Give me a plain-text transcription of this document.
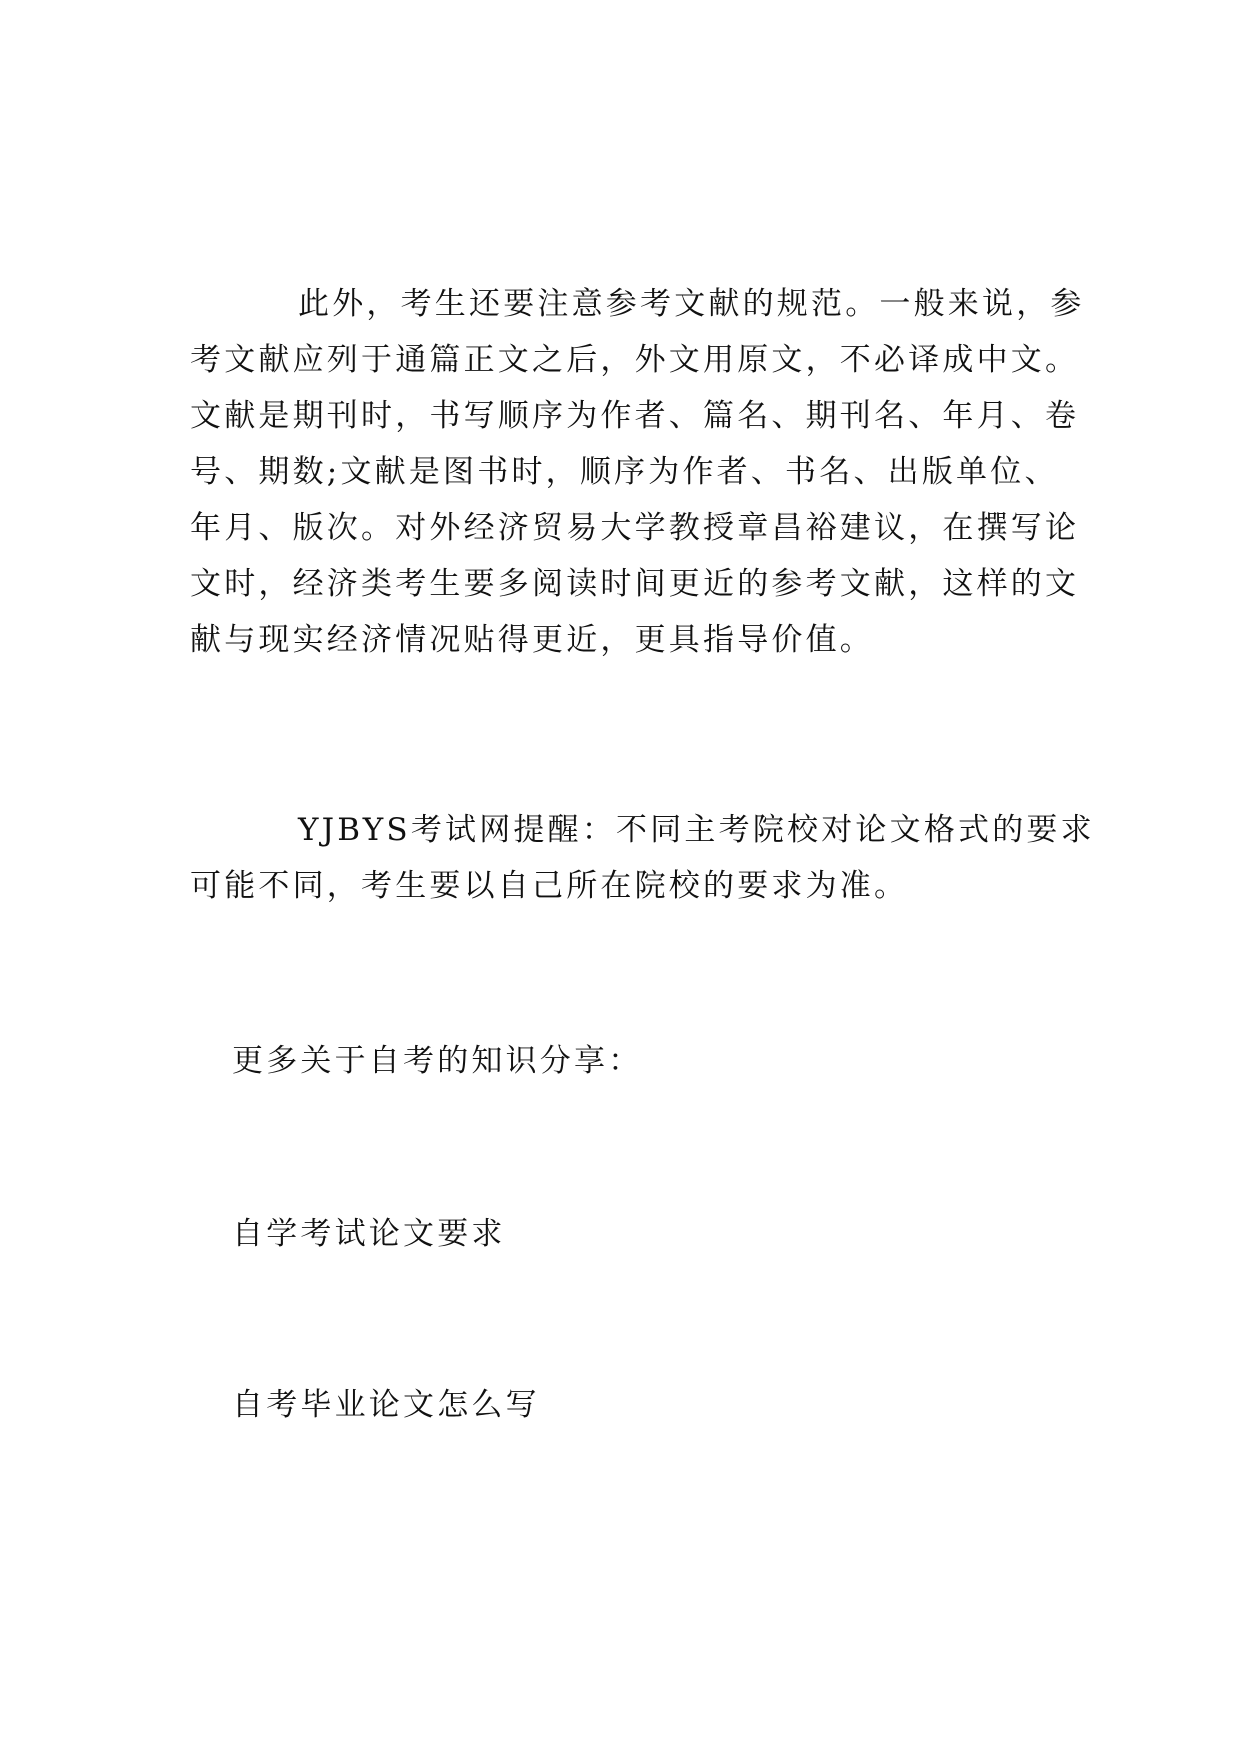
此外，考生还要注意参考文献的规范。一般来说，参
考文献应列于通篇正文之后，外文用原文，不必译成中文。
文献是期刊时，书写顺序为作者、篇名、期刊名、年月、卷
号、期数;文献是图书时，顺序为作者、书名、出版单位、
年月、版次。对外经济贸易大学教授章昌裕建议，在撰写论
文时，经济类考生要多阅读时间更近的参考文献，这样的文
献与现实经济情况贴得更近，更具指导价值。
YJBYS考试网提醒：不同主考院校对论文格式的要求
可能不同，考生要以自己所在院校的要求为准。

更多关于自考的知识分享：

自学考试论文要求

自考毕业论文怎么写
